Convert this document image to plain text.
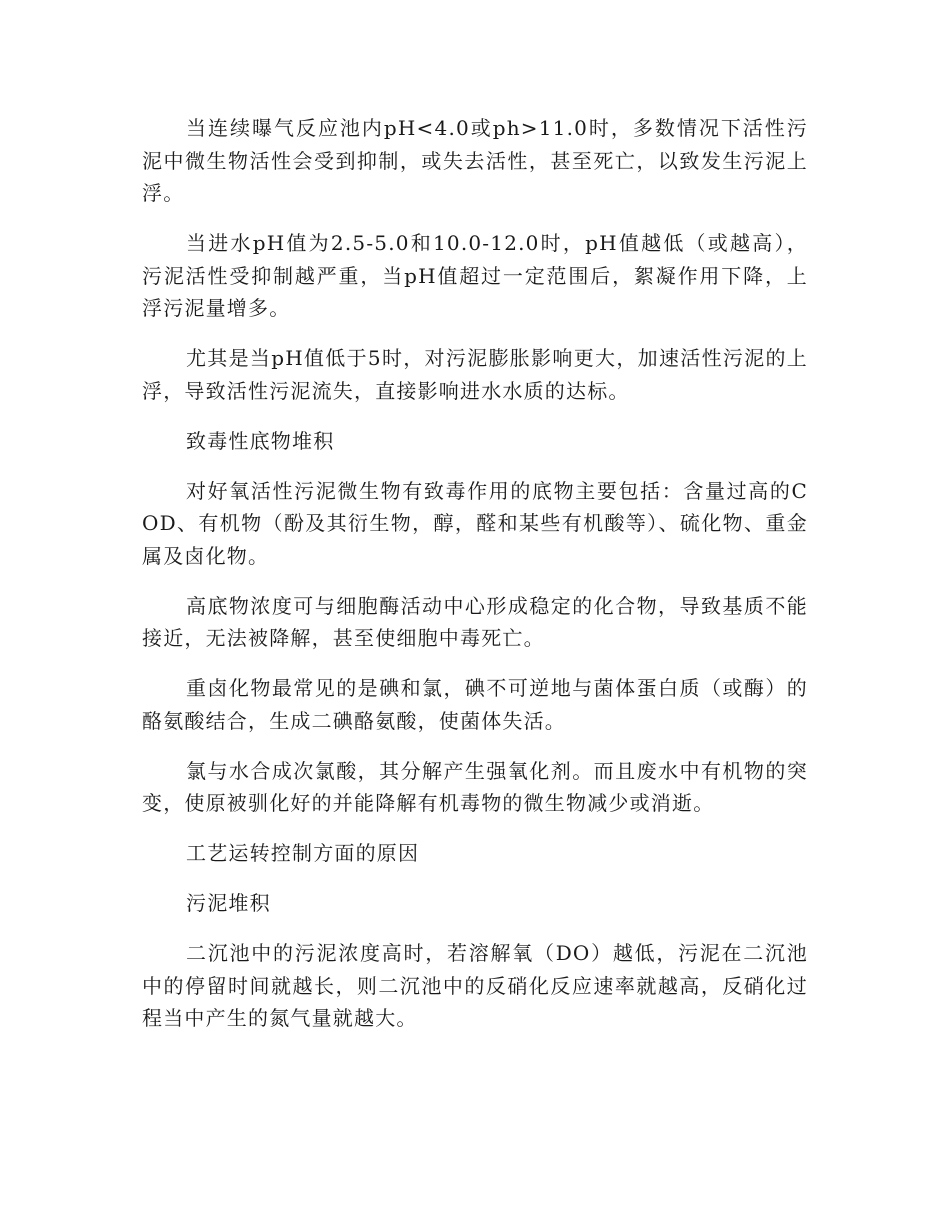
当连续曝气反应池内pH<4.0或ph>11.0时，多数情况下活性污泥中微生物活性会受到抑制，或失去活性，甚至死亡，以致发生污泥上浮。

当进水pH值为2.5-5.0和10.0-12.0时，pH值越低（或越高），污泥活性受抑制越严重，当pH值超过一定范围后，絮凝作用下降，上浮污泥量增多。

尤其是当pH值低于5时，对污泥膨胀影响更大，加速活性污泥的上浮，导致活性污泥流失，直接影响进水水质的达标。

致毒性底物堆积

对好氧活性污泥微生物有致毒作用的底物主要包括：含量过高的COD、有机物（酚及其衍生物，醇，醛和某些有机酸等）、硫化物、重金属及卤化物。

高底物浓度可与细胞酶活动中心形成稳定的化合物，导致基质不能接近，无法被降解，甚至使细胞中毒死亡。

重卤化物最常见的是碘和氯，碘不可逆地与菌体蛋白质（或酶）的酪氨酸结合，生成二碘酪氨酸，使菌体失活。

氯与水合成次氯酸，其分解产生强氧化剂。而且废水中有机物的突变，使原被驯化好的并能降解有机毒物的微生物减少或消逝。

工艺运转控制方面的原因

污泥堆积

二沉池中的污泥浓度高时，若溶解氧（DO）越低，污泥在二沉池中的停留时间就越长，则二沉池中的反硝化反应速率就越高，反硝化过程当中产生的氮气量就越大。
